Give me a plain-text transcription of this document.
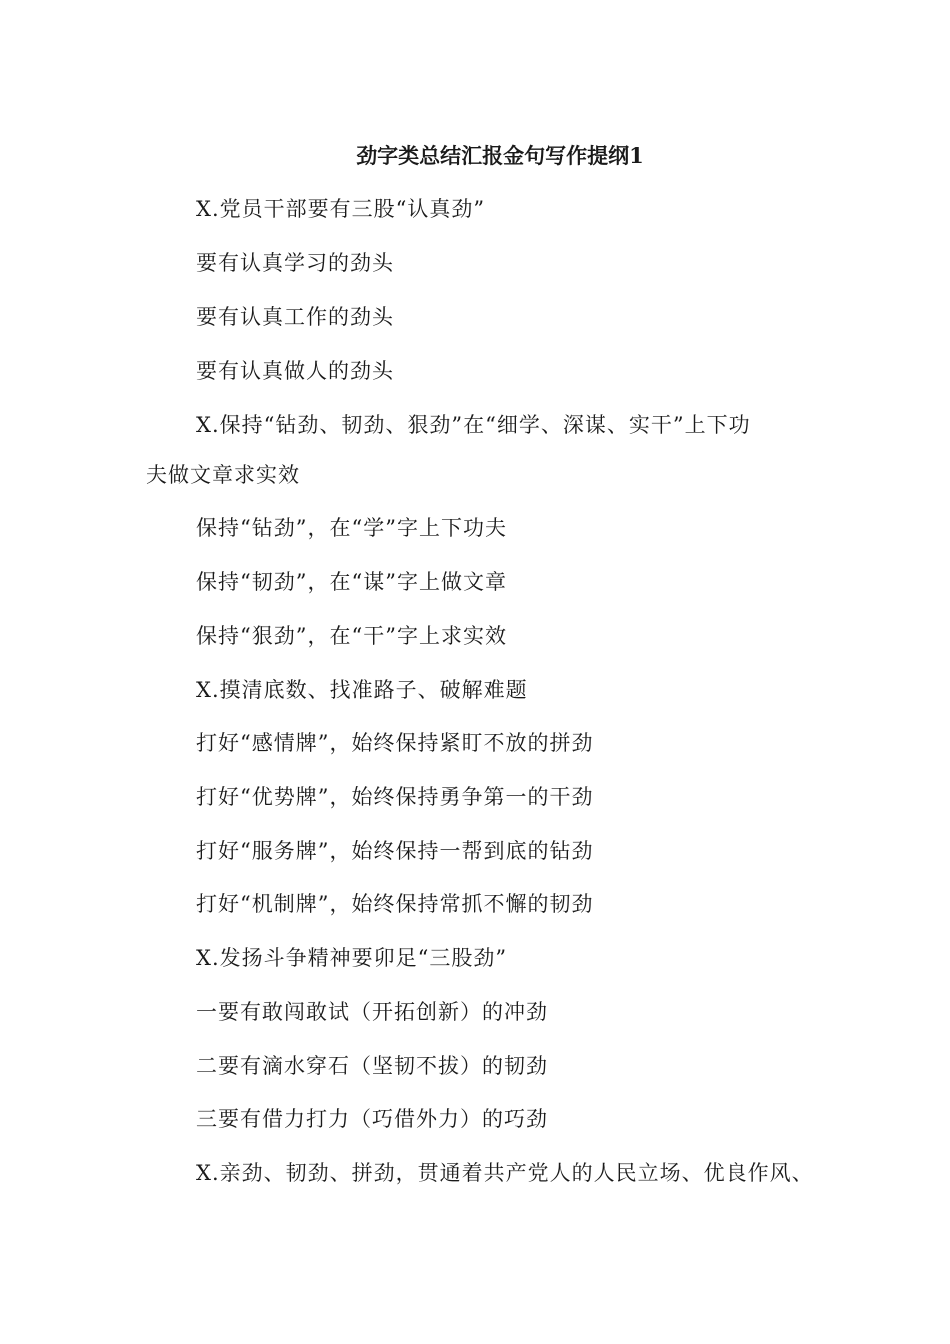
劲字类总结汇报金句写作提纲1
X.党员干部要有三股“认真劲”
要有认真学习的劲头
要有认真工作的劲头
要有认真做人的劲头
X.保持“钻劲、韧劲、狠劲”在“细学、深谋、实干”上下功
夫做文章求实效
保持“钻劲”，在“学”字上下功夫
保持“韧劲”，在“谋”字上做文章
保持“狠劲”，在“干”字上求实效
X.摸清底数、找准路子、破解难题
打好“感情牌”，始终保持紧盯不放的拼劲
打好“优势牌”，始终保持勇争第一的干劲
打好“服务牌”，始终保持一帮到底的钻劲
打好“机制牌”，始终保持常抓不懈的韧劲
X.发扬斗争精神要卯足“三股劲”
一要有敢闯敢试（开拓创新）的冲劲
二要有滴水穿石（坚韧不拔）的韧劲
三要有借力打力（巧借外力）的巧劲
X.亲劲、韧劲、拼劲，贯通着共产党人的人民立场、优良作风、
